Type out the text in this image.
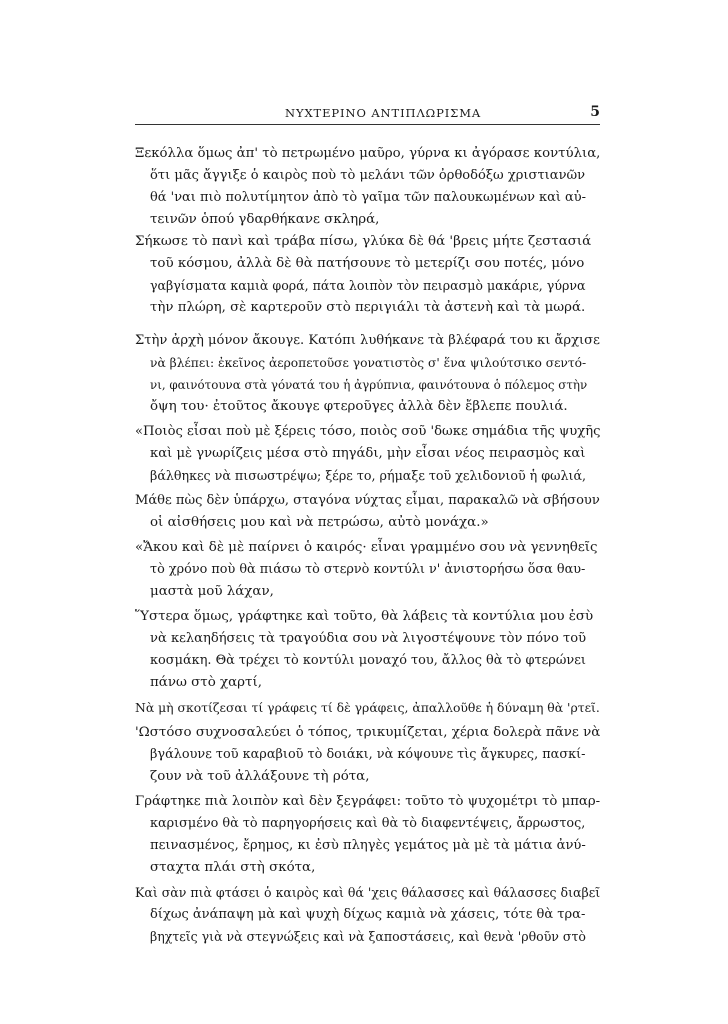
ΝΥΧΤΕΡΙΝΟ ΑΝΤΙΠΛΩΡΙΣΜΑ	5
Ξεκόλλα ὅμως ἀπ' τὸ πετρωμένο μαῦρο, γύρνα κι ἀγόρασε κοντύλια,
ὅτι μᾶς ἄγγιξε ὁ καιρὸς ποὺ τὸ μελάνι τῶν ὀρθοδόξω χριστιανῶν
θά 'ναι πιὸ πολυτίμητον ἀπὸ τὸ γαῖμα τῶν παλουκωμένων καὶ αὐ-
τεινῶν ὁπού γδαρθήκανε σκληρά,
Σήκωσε τὸ πανὶ καὶ τράβα πίσω, γλύκα δὲ θά 'βρεις μήτε ζεστασιά
τοῦ κόσμου, ἀλλὰ δὲ θὰ πατήσουνε τὸ μετερίζι σου ποτές, μόνο
γαβγίσματα καμιὰ φορά, πάτα λοιπὸν τὸν πειρασμὸ μακάριε, γύρνα
τὴν πλώρη, σὲ καρτεροῦν στὸ περιγιάλι τὰ ἀστενὴ καὶ τὰ μωρά.
Στὴν ἀρχὴ μόνον ἄκουγε. Κατόπι λυθήκανε τὰ βλέφαρά του κι ἄρχισε
νὰ βλέπει: ἐκεῖνος ἀεροπετοῦσε γονατιστὸς σ' ἕνα ψιλούτσικο σεντό-
νι, φαινότουνα στὰ γόνατά του ἡ ἀγρύπνια, φαινότουνα ὁ πόλεμος στὴν
ὄψη του· ἐτοῦτος ἄκουγε φτεροῦγες ἀλλὰ δὲν ἔβλεπε πουλιά.
«Ποιὸς εἶσαι ποὺ μὲ ξέρεις τόσο, ποιὸς σοῦ 'δωκε σημάδια τῆς ψυχῆς
καὶ μὲ γνωρίζεις μέσα στὸ πηγάδι, μὴν εἶσαι νέος πειρασμὸς καὶ
βάλθηκες νὰ πισωστρέψω; ξέρε το, ρήμαξε τοῦ χελιδονιοῦ ἡ φωλιά,
Μάθε πὼς δὲν ὑπάρχω, σταγόνα νύχτας εἶμαι, παρακαλῶ νὰ σβήσουν
οἱ αἰσθήσεις μου καὶ νὰ πετρώσω, αὐτὸ μονάχα.»
«Ἄκου καὶ δὲ μὲ παίρνει ὁ καιρός· εἶναι γραμμένο σου νὰ γεννηθεῖς
τὸ χρόνο ποὺ θὰ πιάσω τὸ στερνὸ κοντύλι ν' ἀνιστορήσω ὅσα θαυ-
μαστὰ μοῦ λάχαν,
Ὕστερα ὅμως, γράφτηκε καὶ τοῦτο, θὰ λάβεις τὰ κοντύλια μου ἐσὺ
νὰ κελαηδήσεις τὰ τραγούδια σου νὰ λιγοστέψουνε τὸν πόνο τοῦ
κοσμάκη. Θὰ τρέχει τὸ κοντύλι μοναχό του, ἄλλος θὰ τὸ φτερώνει
πάνω στὸ χαρτί,
Νὰ μὴ σκοτίζεσαι τί γράφεις τί δὲ γράφεις, ἀπαλλοῦθε ἡ δύναμη θὰ 'ρτεῖ.
'Ωστόσο συχνοσαλεύει ὁ τόπος, τρικυμίζεται, χέρια δολερὰ πᾶνε νὰ
βγάλουνε τοῦ καραβιοῦ τὸ δοιάκι, νὰ κόψουνε τὶς ἄγκυρες, πασκί-
ζουν νὰ τοῦ ἀλλάξουνε τὴ ρότα,
Γράφτηκε πιὰ λοιπὸν καὶ δὲν ξεγράφει: τοῦτο τὸ ψυχομέτρι τὸ μπαρ-
καρισμένο θὰ τὸ παρηγορήσεις καὶ θὰ τὸ διαφεντέψεις, ἄρρωστος,
πεινασμένος, ἔρημος, κι ἐσὺ πληγὲς γεμάτος μὰ μὲ τὰ μάτια ἀνύ-
σταχτα πλάι στὴ σκότα,
Καὶ σὰν πιὰ φτάσει ὁ καιρὸς καὶ θά 'χεις θάλασσες καὶ θάλασσες διαβεῖ
δίχως ἀνάπαψη μὰ καὶ ψυχὴ δίχως καμιὰ νὰ χάσεις, τότε θὰ τρα-
βηχτεῖς γιὰ νὰ στεγνώξεις καὶ νὰ ξαποστάσεις, καὶ θενὰ 'ρθοῦν στὸ
